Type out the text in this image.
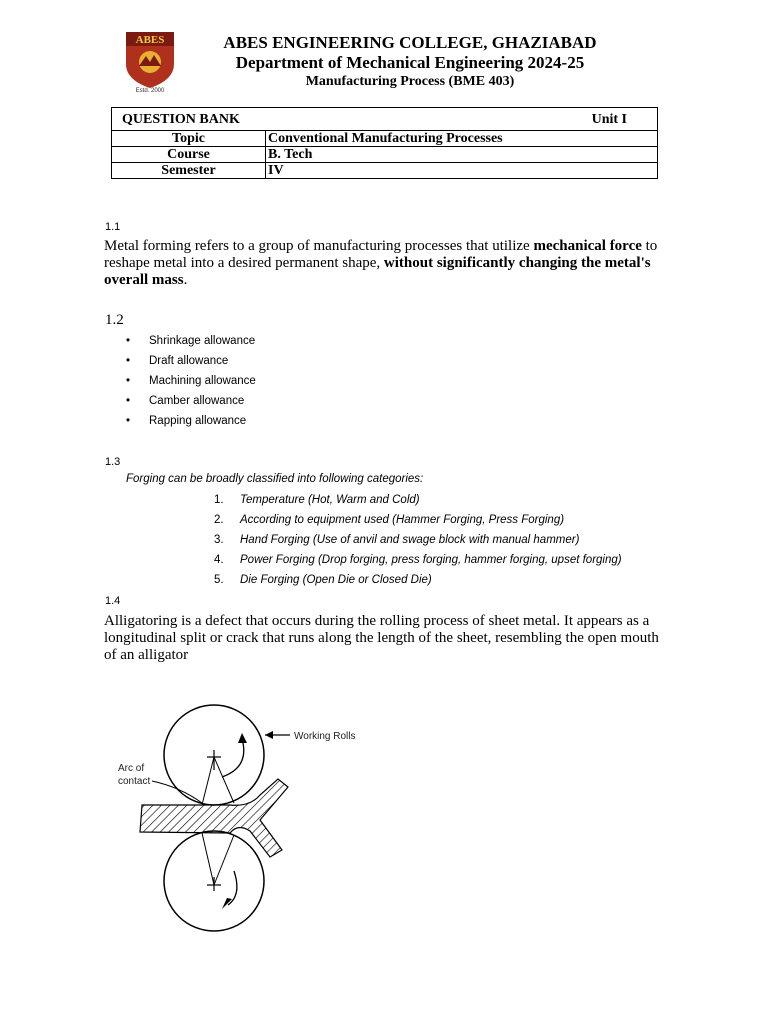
ABES
Estd. 2000
ABES ENGINEERING COLLEGE, GHAZIABAD
Department of Mechanical Engineering 2024-25
Manufacturing Process (BME 403)
QUESTION BANK Unit I	

Topic	Conventional Manufacturing Processes
Course	B. Tech
Semester	IV
1.1
Metal forming refers to a group of manufacturing processes that utilize mechanical force to reshape metal into a desired permanent shape, without significantly changing the metal's overall mass.
1.2
• Shrinkage allowance
• Draft allowance
• Machining allowance
• Camber allowance
• Rapping allowance
1.3
Forging can be broadly classified into following categories:
1. Temperature (Hot, Warm and Cold)
2. According to equipment used (Hammer Forging, Press Forging)
3. Hand Forging (Use of anvil and swage block with manual hammer)
4. Power Forging (Drop forging, press forging, hammer forging, upset forging)
5. Die Forging (Open Die or Closed Die)
1.4
Alligatoring is a defect that occurs during the rolling process of sheet metal. It appears as a longitudinal split or crack that runs along the length of the sheet, resembling the open mouth of an alligator
Working Rolls
Arc of
contact
